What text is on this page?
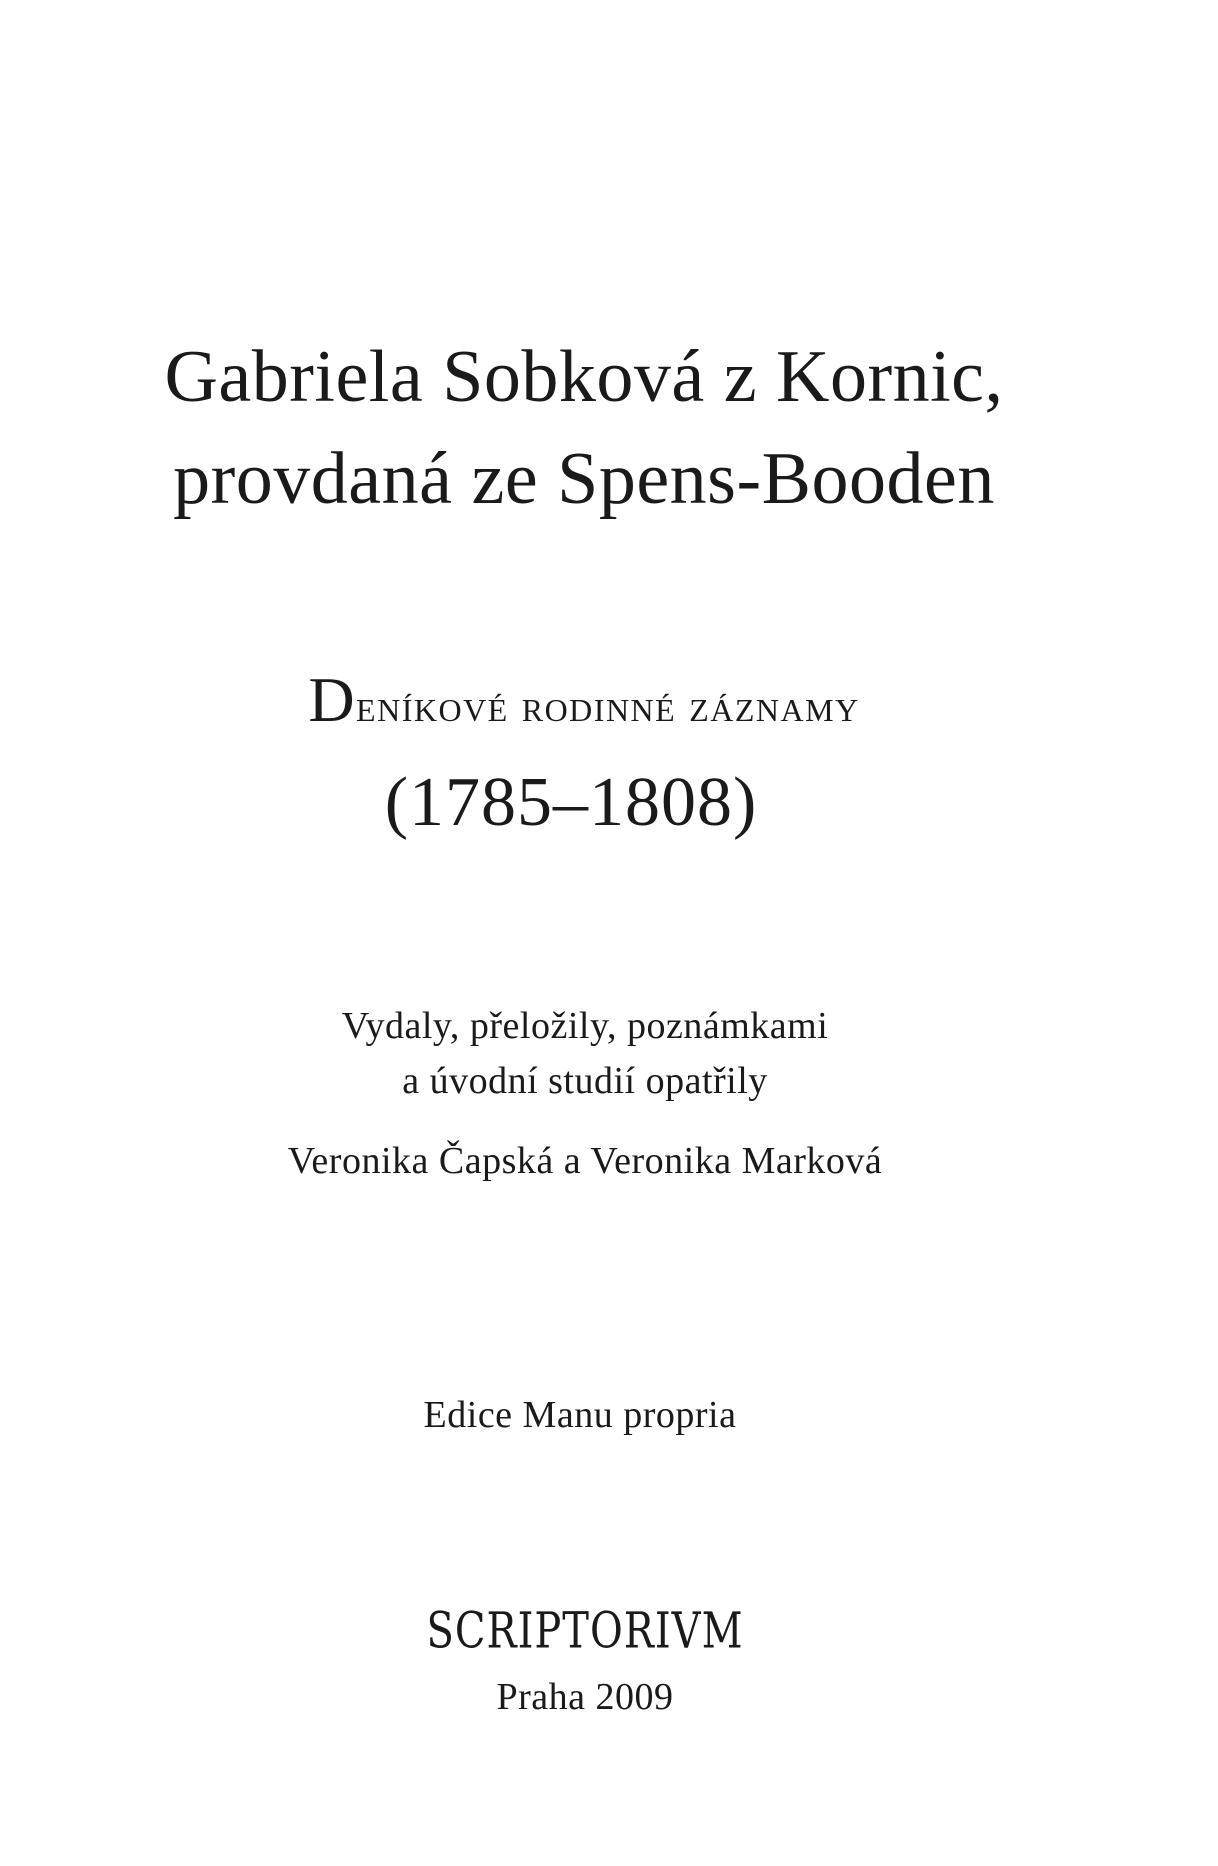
Gabriela Sobková z Kornic,
provdaná ze Spens-Booden
Deníkové rodinné záznamy
(1785–1808)
Vydaly, přeložily, poznámkami
a úvodní studií opatřily
Veronika Čapská a Veronika Marková
Edice Manu propria
SCRIPTORIVM
Praha 2009
